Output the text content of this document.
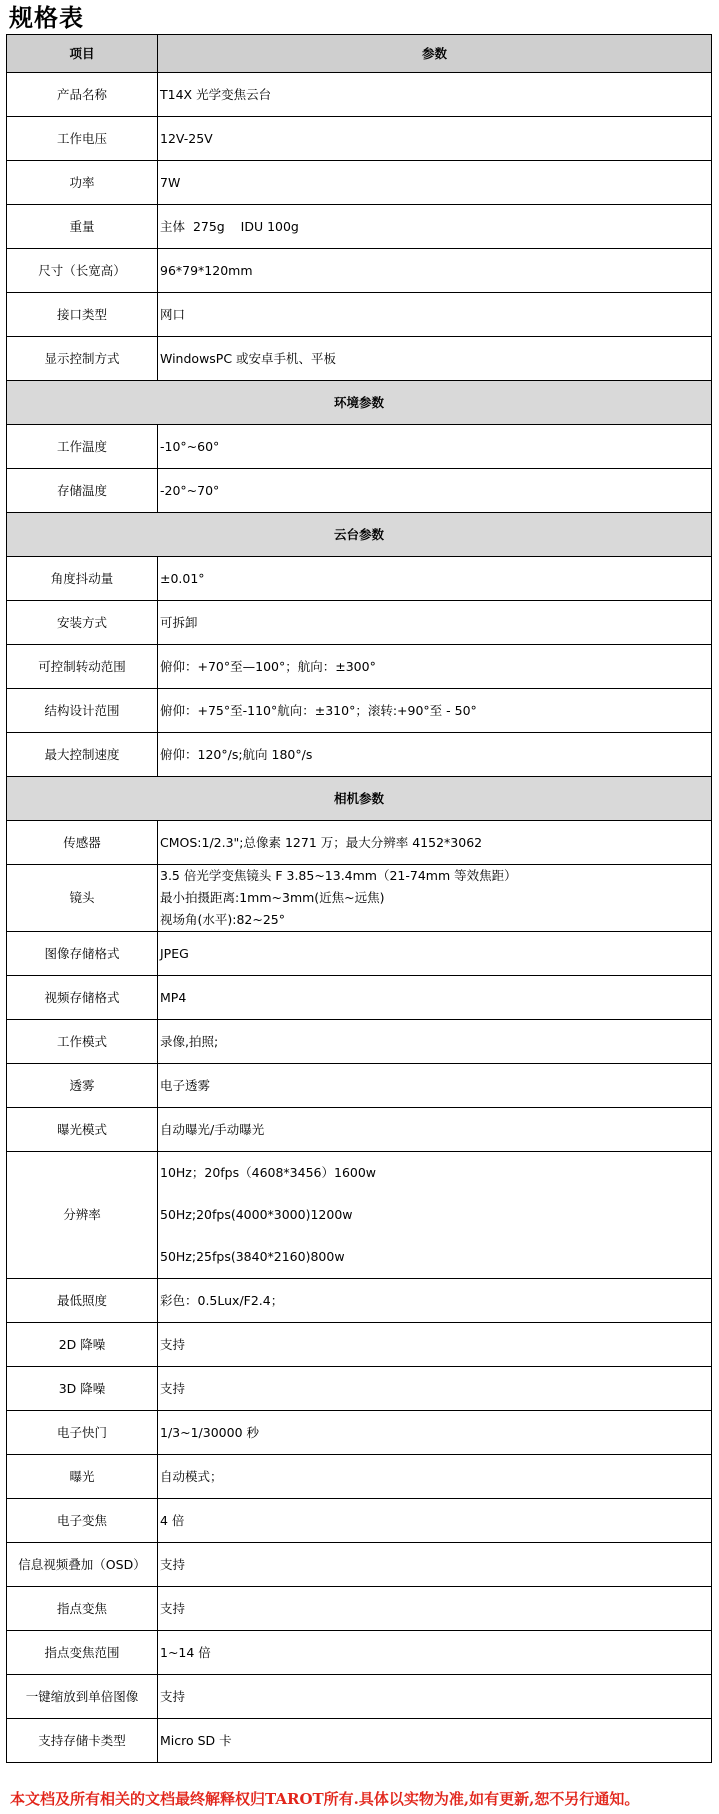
规格表
项目	参数
产品名称	T14X 光学变焦云台
工作电压	12V-25V
功率	7W
重量	主体  275g    IDU 100g
尺寸（长宽高）	96*79*120mm
接口类型	网口
显示控制方式	WindowsPC 或安卓手机、平板
环境参数	
工作温度	-10°~60°
存储温度	-20°~70°
云台参数	
角度抖动量	±0.01°
安装方式	可拆卸
可控制转动范围	俯仰：+70°至—100°；航向：±300°
结构设计范围	俯仰：+75°至-110°航向：±310°；滚转:+90°至 - 50°
最大控制速度	俯仰：120°/s;航向 180°/s
相机参数	
传感器	CMOS:1/2.3";总像素 1271 万；最大分辨率 4152*3062
镜头	3.5 倍光学变焦镜头 F 3.85~13.4mm（21-74mm 等效焦距）
最小拍摄距离:1mm~3mm(近焦~远焦)
视场角(水平):82~25°

图像存储格式	JPEG
视频存储格式	MP4
工作模式	录像,拍照;
透雾	电子透雾
曝光模式	自动曝光/手动曝光
分辨率	10Hz；20fps（4608*3456）1600w
50Hz;20fps(4000*3000)1200w
50Hz;25fps(3840*2160)800w

最低照度	彩色：0.5Lux/F2.4；
2D 降噪	支持
3D 降噪	支持
电子快门	1/3~1/30000 秒
曝光	自动模式；
电子变焦	4 倍
信息视频叠加（OSD）	支持
指点变焦	支持
指点变焦范围	1~14 倍
一键缩放到单倍图像	支持
支持存储卡类型	Micro SD 卡
本文档及所有相关的文档最终解释权归TAROT所有.具体以实物为准,如有更新,恕不另行通知。
